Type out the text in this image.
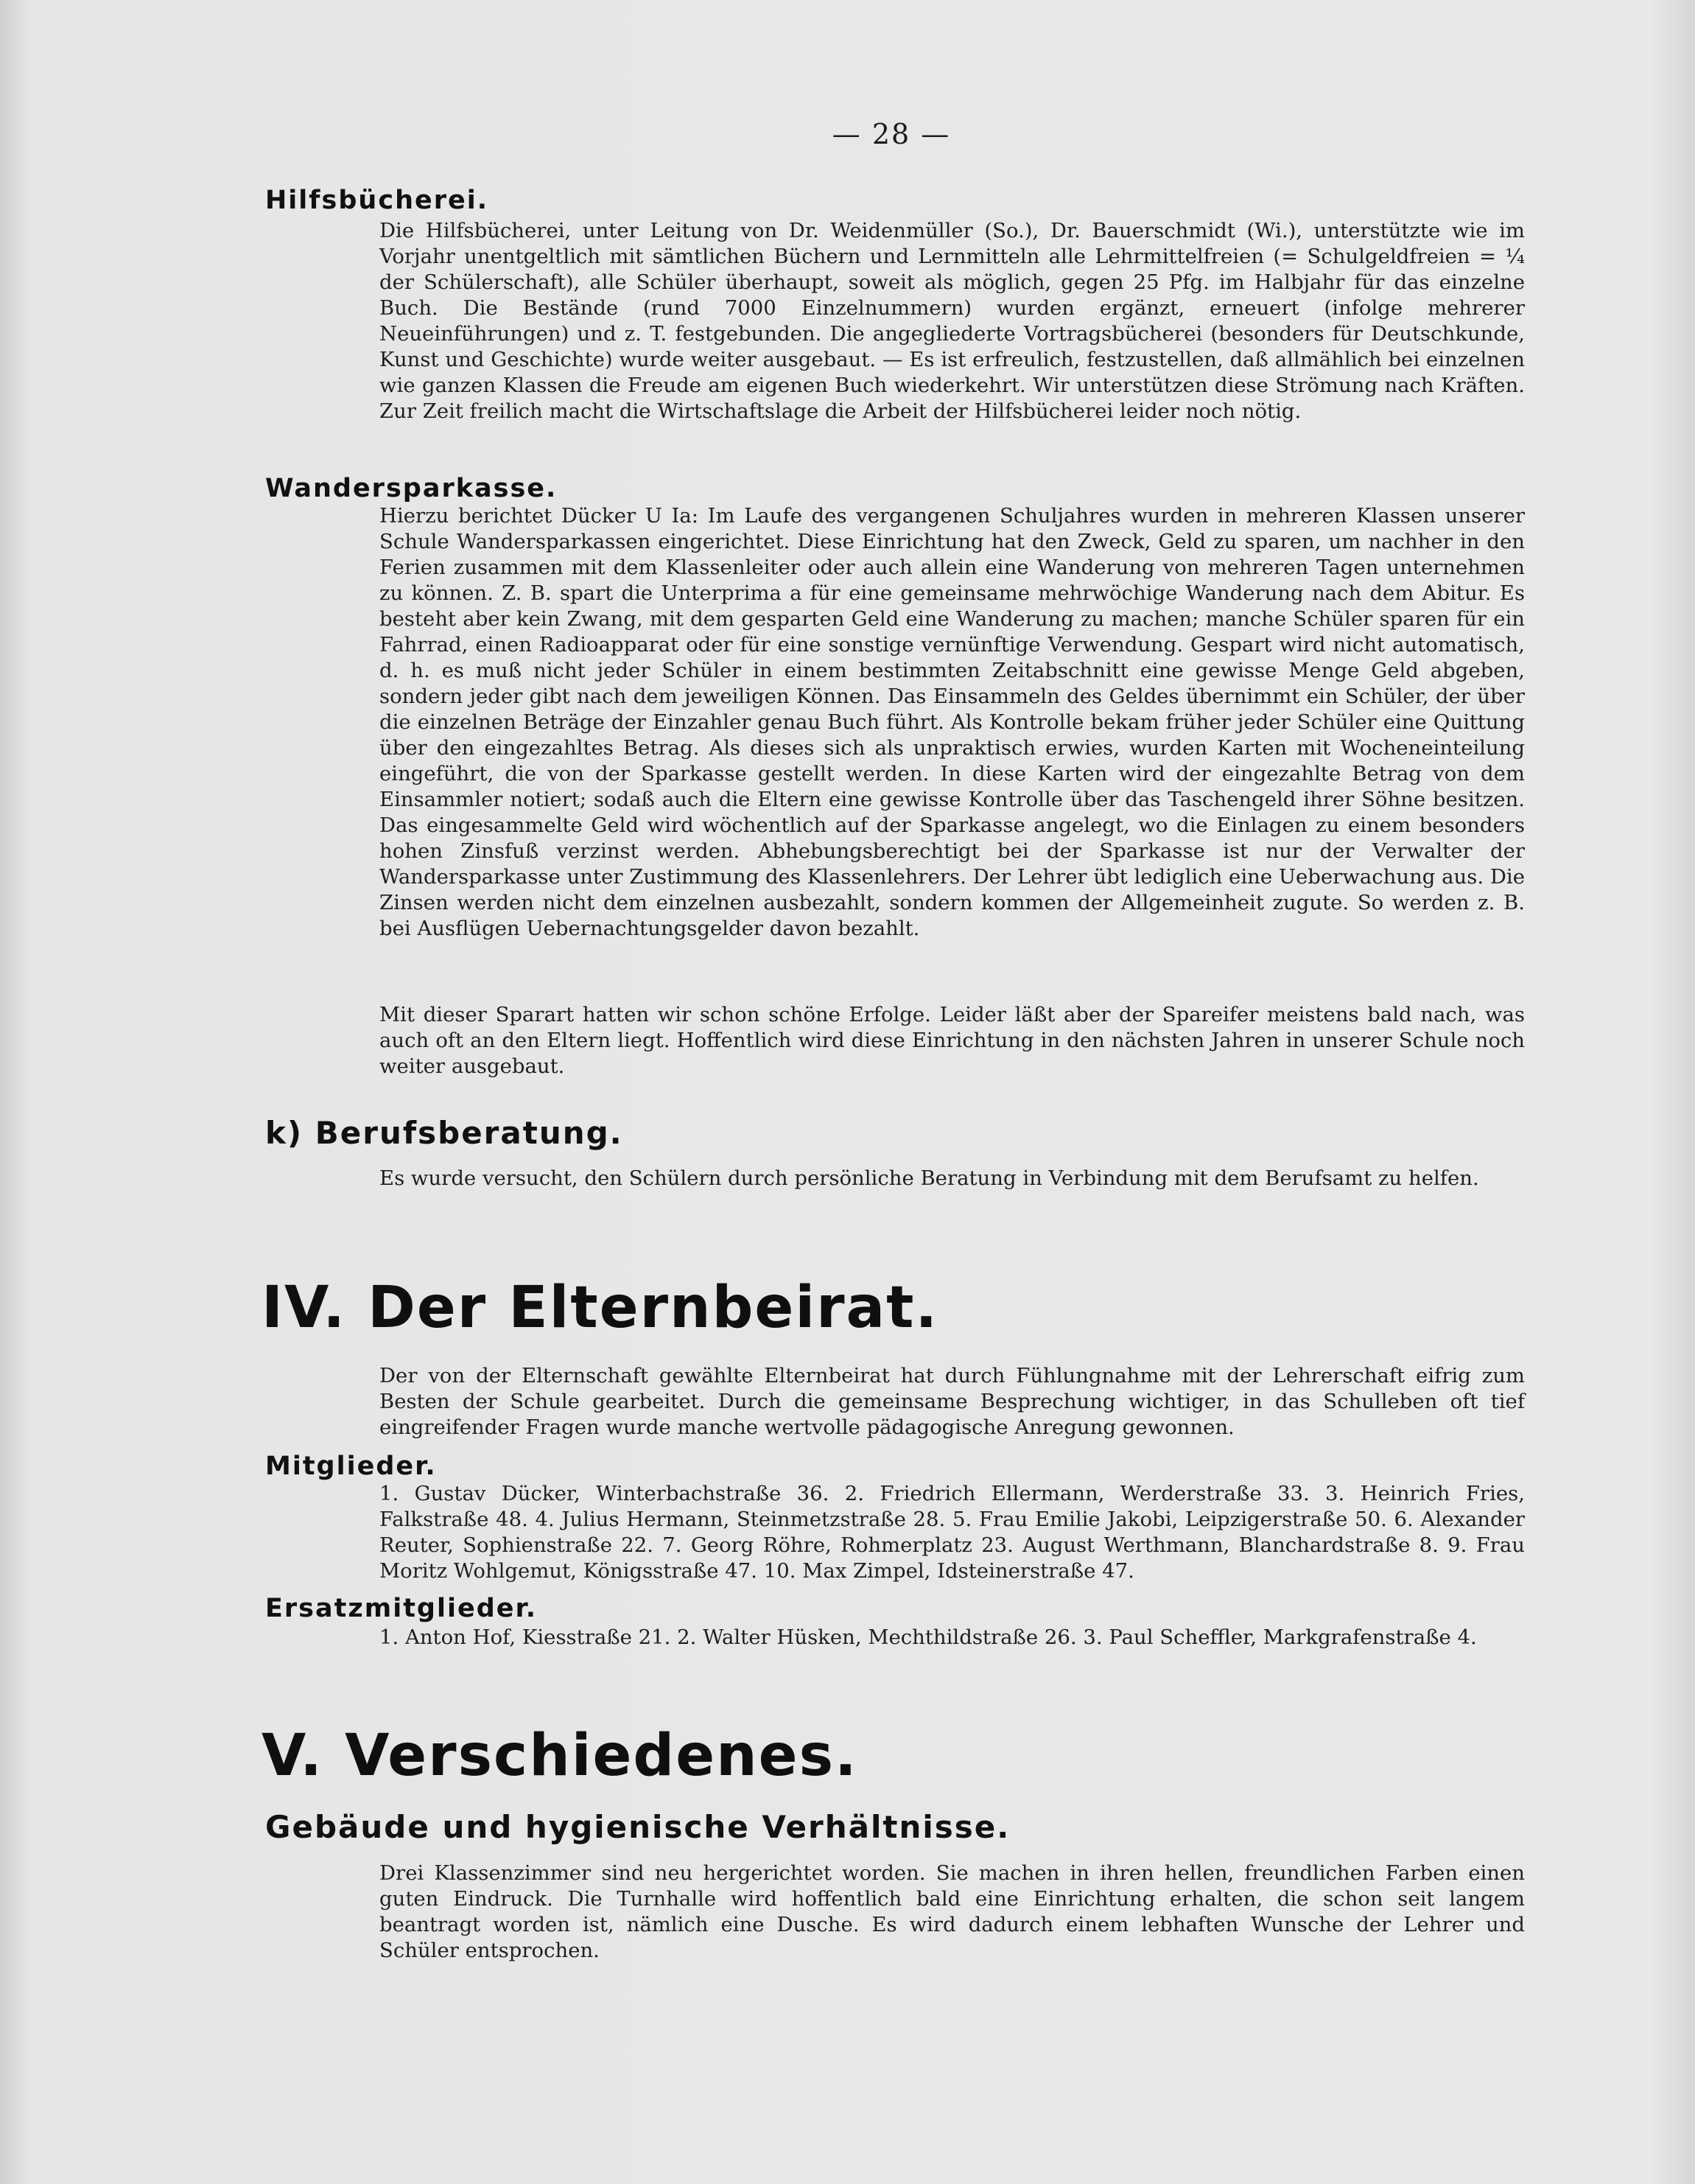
— 28 —
Hilfsbücherei.

Die Hilfsbücherei, unter Leitung von Dr. Weidenmüller (So.), Dr. Bauerschmidt (Wi.), unterstützte wie im Vorjahr unentgeltlich mit sämtlichen Büchern und Lernmitteln alle Lehrmittelfreien (= Schulgeldfreien = ¼ der Schülerschaft), alle Schüler überhaupt, soweit als möglich, gegen 25 Pfg. im Halbjahr für das einzelne Buch. Die Bestände (rund 7000 Einzelnummern) wurden ergänzt, erneuert (infolge mehrerer Neueinführungen) und z. T. festgebunden. Die angegliederte Vortragsbücherei (besonders für Deutschkunde, Kunst und Geschichte) wurde weiter ausgebaut. — Es ist erfreulich, festzustellen, daß allmählich bei einzelnen wie ganzen Klassen die Freude am eigenen Buch wiederkehrt. Wir unterstützen diese Strömung nach Kräften. Zur Zeit freilich macht die Wirtschaftslage die Arbeit der Hilfsbücherei leider noch nötig.

Wandersparkasse.

Hierzu berichtet Dücker U Ia: Im Laufe des vergangenen Schuljahres wurden in mehreren Klassen unserer Schule Wandersparkassen eingerichtet. Diese Einrichtung hat den Zweck, Geld zu sparen, um nachher in den Ferien zusammen mit dem Klassenleiter oder auch allein eine Wanderung von mehreren Tagen unternehmen zu können. Z. B. spart die Unterprima a für eine gemeinsame mehrwöchige Wanderung nach dem Abitur. Es besteht aber kein Zwang, mit dem gesparten Geld eine Wanderung zu machen; manche Schüler sparen für ein Fahrrad, einen Radioapparat oder für eine sonstige vernünftige Verwendung. Gespart wird nicht automatisch, d. h. es muß nicht jeder Schüler in einem bestimmten Zeitabschnitt eine gewisse Menge Geld abgeben, sondern jeder gibt nach dem jeweiligen Können. Das Einsammeln des Geldes übernimmt ein Schüler, der über die einzelnen Beträge der Einzahler genau Buch führt. Als Kontrolle bekam früher jeder Schüler eine Quittung über den eingezahltes Betrag. Als dieses sich als unpraktisch erwies, wurden Karten mit Wocheneinteilung eingeführt, die von der Sparkasse gestellt werden. In diese Karten wird der eingezahlte Betrag von dem Einsammler notiert; sodaß auch die Eltern eine gewisse Kontrolle über das Taschengeld ihrer Söhne besitzen. Das eingesammelte Geld wird wöchentlich auf der Sparkasse angelegt, wo die Einlagen zu einem besonders hohen Zinsfuß verzinst werden. Abhebungsberechtigt bei der Sparkasse ist nur der Verwalter der Wandersparkasse unter Zustimmung des Klassenlehrers. Der Lehrer übt lediglich eine Ueberwachung aus. Die Zinsen werden nicht dem einzelnen ausbezahlt, sondern kommen der Allgemeinheit zugute. So werden z. B. bei Ausflügen Uebernachtungsgelder davon bezahlt.

Mit dieser Sparart hatten wir schon schöne Erfolge. Leider läßt aber der Spareifer meistens bald nach, was auch oft an den Eltern liegt. Hoffentlich wird diese Einrichtung in den nächsten Jahren in unserer Schule noch weiter ausgebaut.

k) Berufsberatung.

Es wurde versucht, den Schülern durch persönliche Beratung in Verbindung mit dem Berufsamt zu helfen.

IV. Der Elternbeirat.

Der von der Elternschaft gewählte Elternbeirat hat durch Fühlungnahme mit der Lehrerschaft eifrig zum Besten der Schule gearbeitet. Durch die gemeinsame Besprechung wichtiger, in das Schulleben oft tief eingreifender Fragen wurde manche wertvolle pädagogische Anregung gewonnen.

Mitglieder.

1. Gustav Dücker, Winterbachstraße 36. 2. Friedrich Ellermann, Werderstraße 33. 3. Heinrich Fries, Falkstraße 48. 4. Julius Hermann, Steinmetzstraße 28. 5. Frau Emilie Jakobi, Leipzigerstraße 50. 6. Alexander Reuter, Sophienstraße 22. 7. Georg Röhre, Rohmerplatz 23. August Werthmann, Blanchardstraße 8. 9. Frau Moritz Wohlgemut, Königsstraße 47. 10. Max Zimpel, Idsteinerstraße 47.

Ersatzmitglieder.

1. Anton Hof, Kiesstraße 21. 2. Walter Hüsken, Mechthildstraße 26. 3. Paul Scheffler, Markgrafenstraße 4.

V. Verschiedenes.
Gebäude und hygienische Verhältnisse.

Drei Klassenzimmer sind neu hergerichtet worden. Sie machen in ihren hellen, freundlichen Farben einen guten Eindruck. Die Turnhalle wird hoffentlich bald eine Einrichtung erhalten, die schon seit langem beantragt worden ist, nämlich eine Dusche. Es wird dadurch einem lebhaften Wunsche der Lehrer und Schüler entsprochen.
